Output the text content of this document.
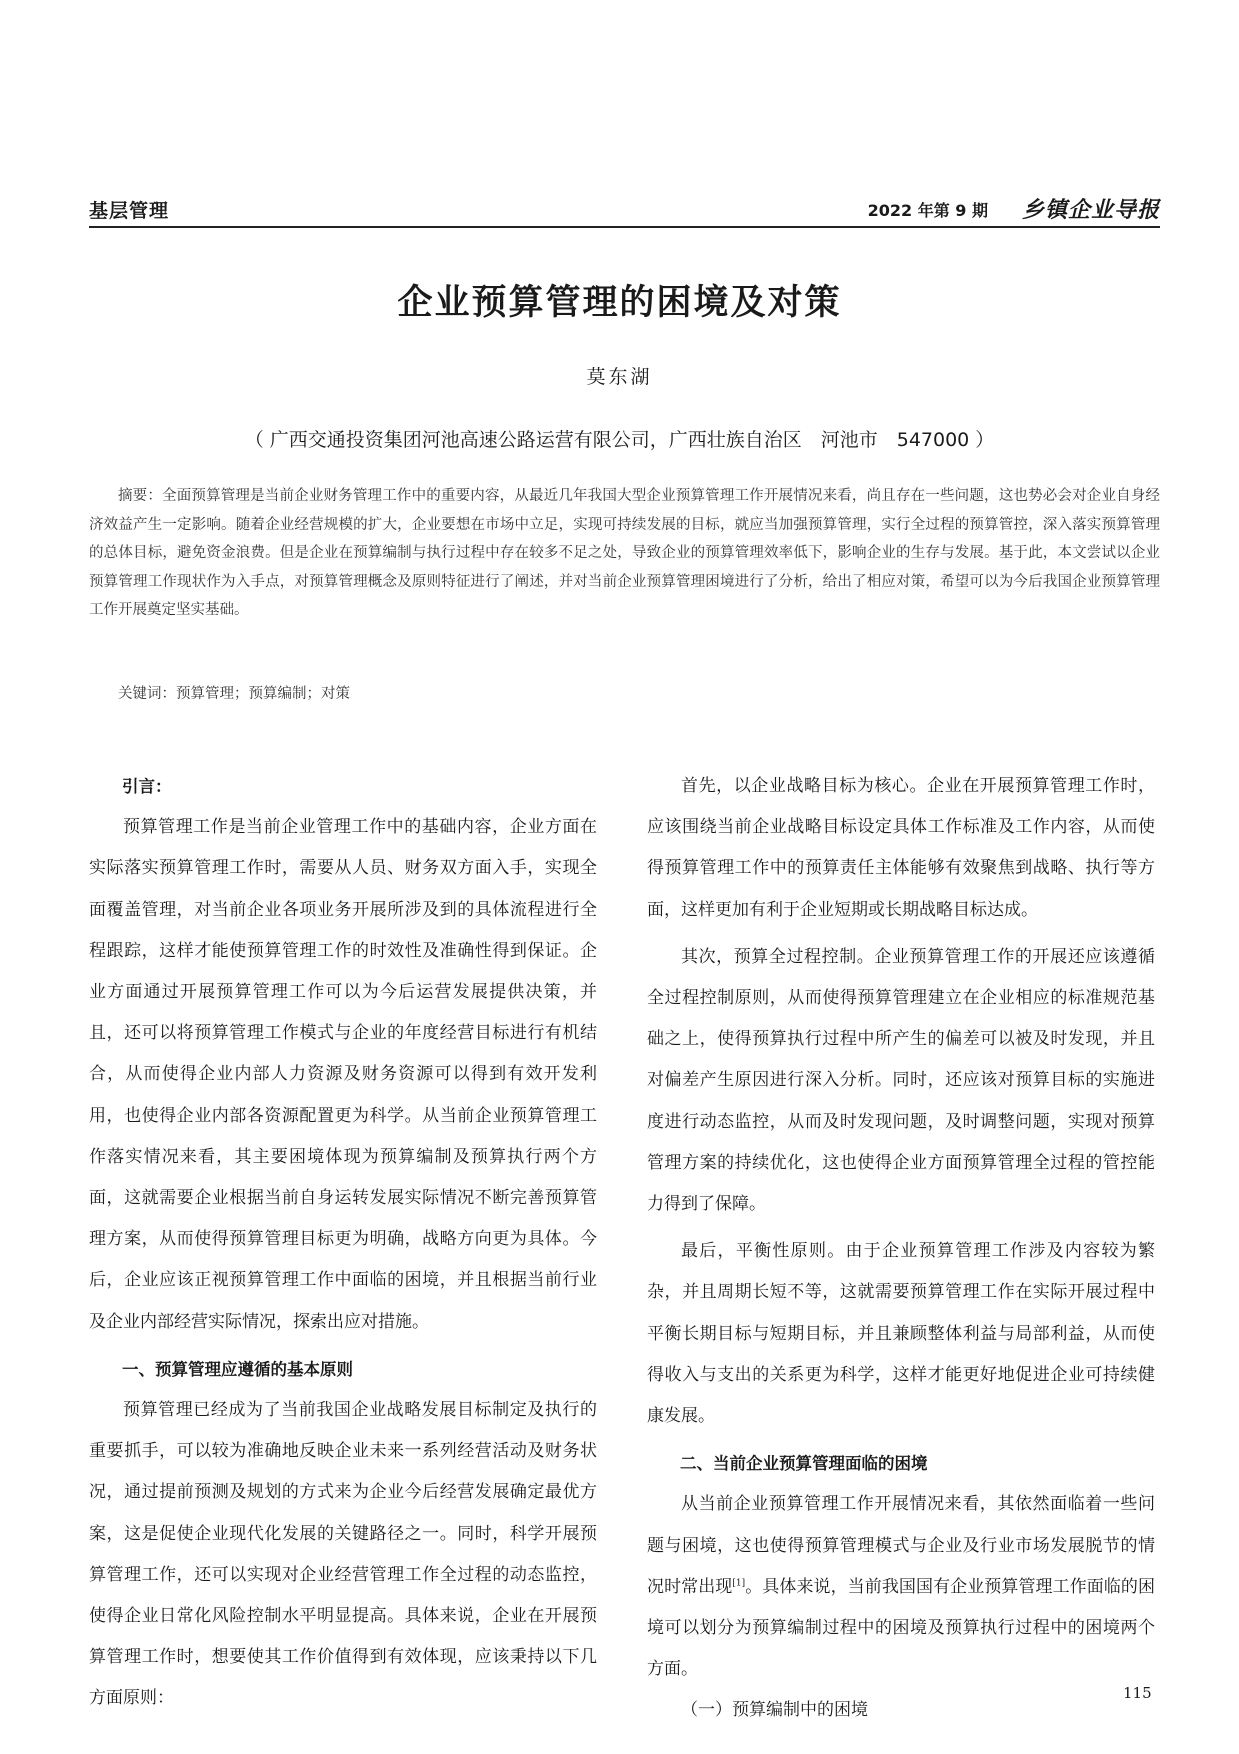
基层管理	2022 年第 9 期 乡镇企业导报
企业预算管理的困境及对策
莫东湖
（ 广西交通投资集团河池高速公路运营有限公司，广西壮族自治区　河池市　547000 ）

摘要：全面预算管理是当前企业财务管理工作中的重要内容，从最近几年我国大型企业预算管理工作开展情况来看，尚且存在一些问题，这也势必会对企业自身经济效益产生一定影响。随着企业经营规模的扩大，企业要想在市场中立足，实现可持续发展的目标，就应当加强预算管理，实行全过程的预算管控，深入落实预算管理的总体目标，避免资金浪费。但是企业在预算编制与执行过程中存在较多不足之处，导致企业的预算管理效率低下，影响企业的生存与发展。基于此，本文尝试以企业预算管理工作现状作为入手点，对预算管理概念及原则特征进行了阐述，并对当前企业预算管理困境进行了分析，给出了相应对策，希望可以为今后我国企业预算管理工作开展奠定坚实基础。

关键词：预算管理；预算编制；对策

引言：

预算管理工作是当前企业管理工作中的基础内容，企业方面在实际落实预算管理工作时，需要从人员、财务双方面入手，实现全面覆盖管理，对当前企业各项业务开展所涉及到的具体流程进行全程跟踪，这样才能使预算管理工作的时效性及准确性得到保证。企业方面通过开展预算管理工作可以为今后运营发展提供决策，并且，还可以将预算管理工作模式与企业的年度经营目标进行有机结合，从而使得企业内部人力资源及财务资源可以得到有效开发利用，也使得企业内部各资源配置更为科学。从当前企业预算管理工作落实情况来看，其主要困境体现为预算编制及预算执行两个方面，这就需要企业根据当前自身运转发展实际情况不断完善预算管理方案，从而使得预算管理目标更为明确，战略方向更为具体。今后，企业应该正视预算管理工作中面临的困境，并且根据当前行业及企业内部经营实际情况，探索出应对措施。

一、预算管理应遵循的基本原则

预算管理已经成为了当前我国企业战略发展目标制定及执行的重要抓手，可以较为准确地反映企业未来一系列经营活动及财务状况，通过提前预测及规划的方式来为企业今后经营发展确定最优方案，这是促使企业现代化发展的关键路径之一。同时，科学开展预算管理工作，还可以实现对企业经营管理工作全过程的动态监控，使得企业日常化风险控制水平明显提高。具体来说，企业在开展预算管理工作时，想要使其工作价值得到有效体现，应该秉持以下几方面原则：

首先，以企业战略目标为核心。企业在开展预算管理工作时，应该围绕当前企业战略目标设定具体工作标准及工作内容，从而使得预算管理工作中的预算责任主体能够有效聚焦到战略、执行等方面，这样更加有利于企业短期或长期战略目标达成。

其次，预算全过程控制。企业预算管理工作的开展还应该遵循全过程控制原则，从而使得预算管理建立在企业相应的标准规范基础之上，使得预算执行过程中所产生的偏差可以被及时发现，并且对偏差产生原因进行深入分析。同时，还应该对预算目标的实施进度进行动态监控，从而及时发现问题，及时调整问题，实现对预算管理方案的持续优化，这也使得企业方面预算管理全过程的管控能力得到了保障。

最后，平衡性原则。由于企业预算管理工作涉及内容较为繁杂，并且周期长短不等，这就需要预算管理工作在实际开展过程中平衡长期目标与短期目标，并且兼顾整体利益与局部利益，从而使得收入与支出的关系更为科学，这样才能更好地促进企业可持续健康发展。

二、当前企业预算管理面临的困境

从当前企业预算管理工作开展情况来看，其依然面临着一些问题与困境，这也使得预算管理模式与企业及行业市场发展脱节的情况时常出现[1]。具体来说，当前我国国有企业预算管理工作面临的困境可以划分为预算编制过程中的困境及预算执行过程中的困境两个方面。

（一）预算编制中的困境

115
